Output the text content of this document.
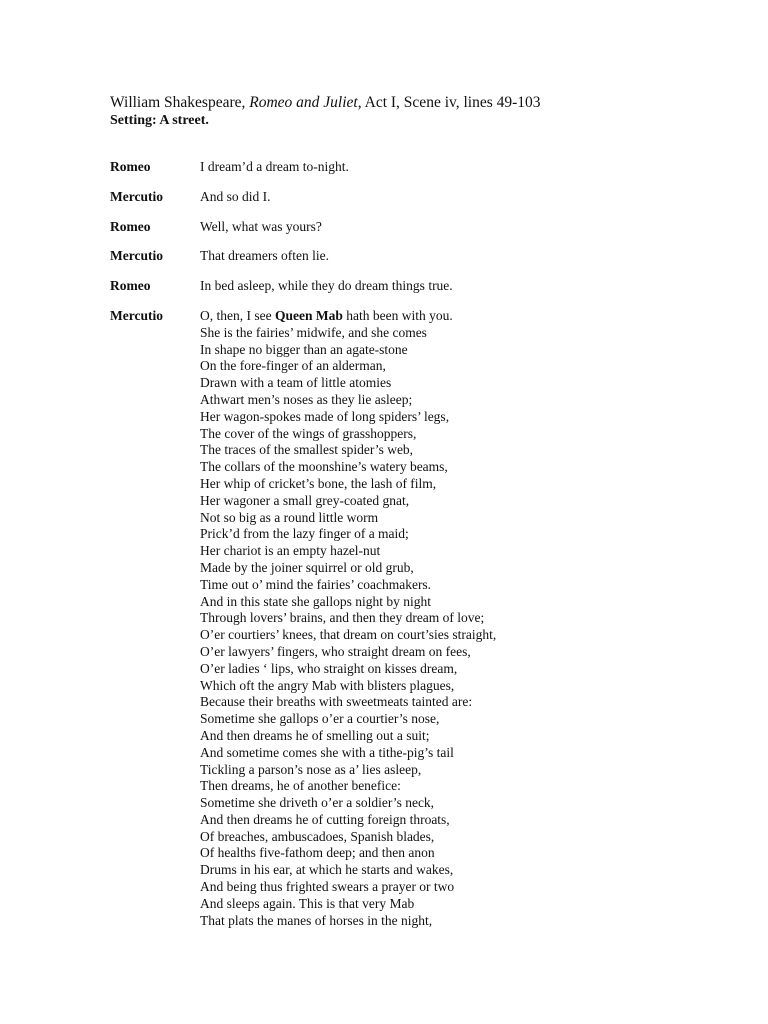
William Shakespeare, Romeo and Juliet, Act I, Scene iv, lines 49-103
Setting: A street.
Romeo	I dream’d a dream to-night.
Mercutio	And so did I.
Romeo	Well, what was yours?
Mercutio	That dreamers often lie.
Romeo	In bed asleep, while they do dream things true.
Mercutio	O, then, I see Queen Mab hath been with you.
She is the fairies’ midwife, and she comes
In shape no bigger than an agate-stone
On the fore-finger of an alderman,
Drawn with a team of little atomies
Athwart men’s noses as they lie asleep;
Her wagon-spokes made of long spiders’ legs,
The cover of the wings of grasshoppers,
The traces of the smallest spider’s web,
The collars of the moonshine’s watery beams,
Her whip of cricket’s bone, the lash of film,
Her wagoner a small grey-coated gnat,
Not so big as a round little worm
Prick’d from the lazy finger of a maid;
Her chariot is an empty hazel-nut
Made by the joiner squirrel or old grub,
Time out o’ mind the fairies’ coachmakers.
And in this state she gallops night by night
Through lovers’ brains, and then they dream of love;
O’er courtiers’ knees, that dream on court’sies straight,
O’er lawyers’ fingers, who straight dream on fees,
O’er ladies ‘ lips, who straight on kisses dream,
Which oft the angry Mab with blisters plagues,
Because their breaths with sweetmeats tainted are:
Sometime she gallops o’er a courtier’s nose,
And then dreams he of smelling out a suit;
And sometime comes she with a tithe-pig’s tail
Tickling a parson’s nose as a’ lies asleep,
Then dreams, he of another benefice:
Sometime she driveth o’er a soldier’s neck,
And then dreams he of cutting foreign throats,
Of breaches, ambuscadoes, Spanish blades,
Of healths five-fathom deep; and then anon
Drums in his ear, at which he starts and wakes,
And being thus frighted swears a prayer or two
And sleeps again. This is that very Mab
That plats the manes of horses in the night,
